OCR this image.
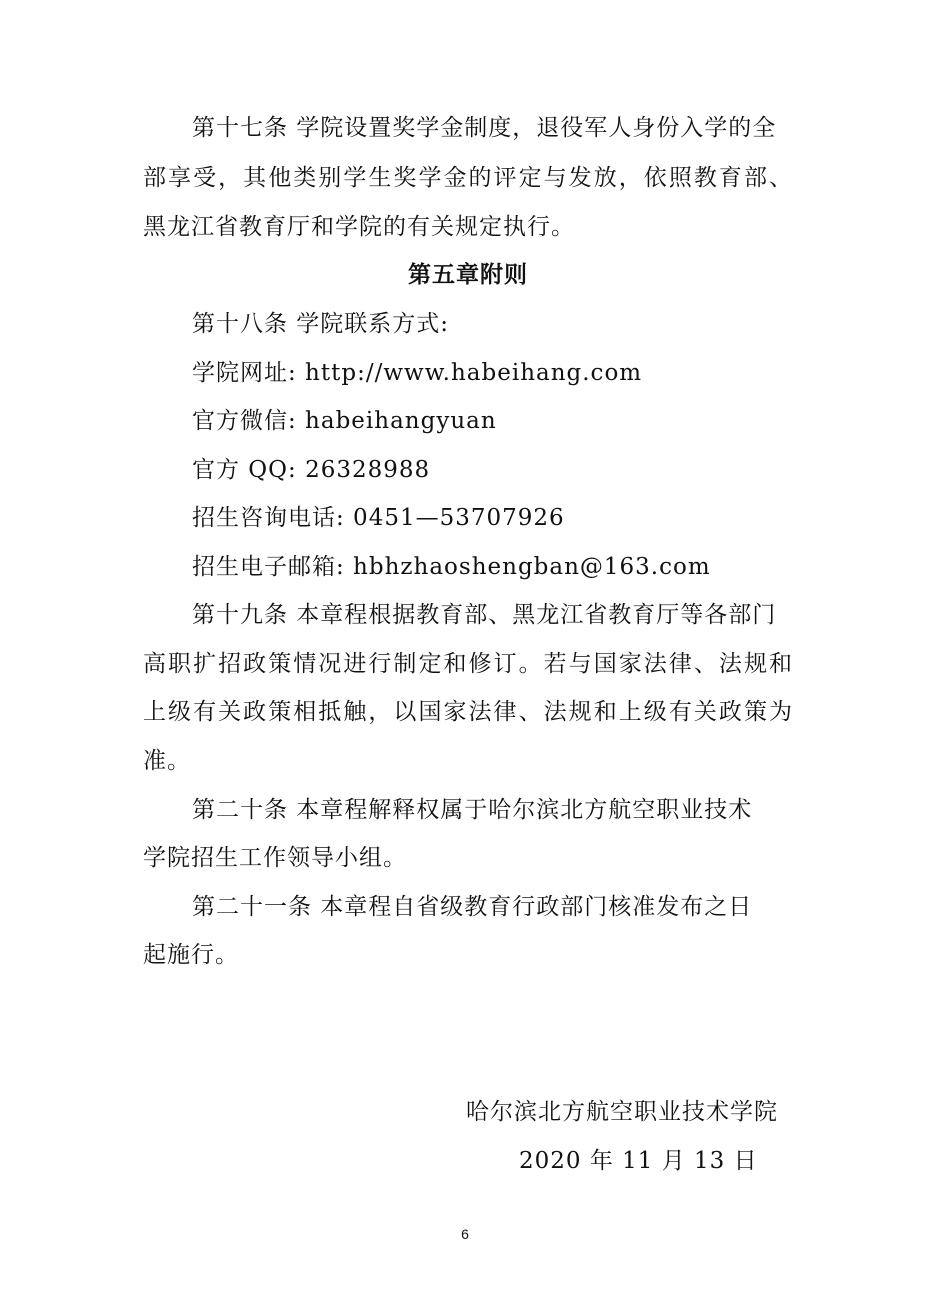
第十七条 学院设置奖学金制度，退役军人身份入学的全
部享受，其他类别学生奖学金的评定与发放，依照教育部、
黑龙江省教育厅和学院的有关规定执行。
第五章附则
第十八条 学院联系方式:
学院网址: http://www.habeihang.com
官方微信: habeihangyuan
官方 QQ: 26328988
招生咨询电话: 0451—53707926
招生电子邮箱: hbhzhaoshengban@163.com
第十九条 本章程根据教育部、黑龙江省教育厅等各部门
高职扩招政策情况进行制定和修订。若与国家法律、法规和
上级有关政策相抵触，以国家法律、法规和上级有关政策为
准。
第二十条 本章程解释权属于哈尔滨北方航空职业技术
学院招生工作领导小组。
第二十一条 本章程自省级教育行政部门核准发布之日
起施行。
哈尔滨北方航空职业技术学院
2020 年 11 月 13 日
6
